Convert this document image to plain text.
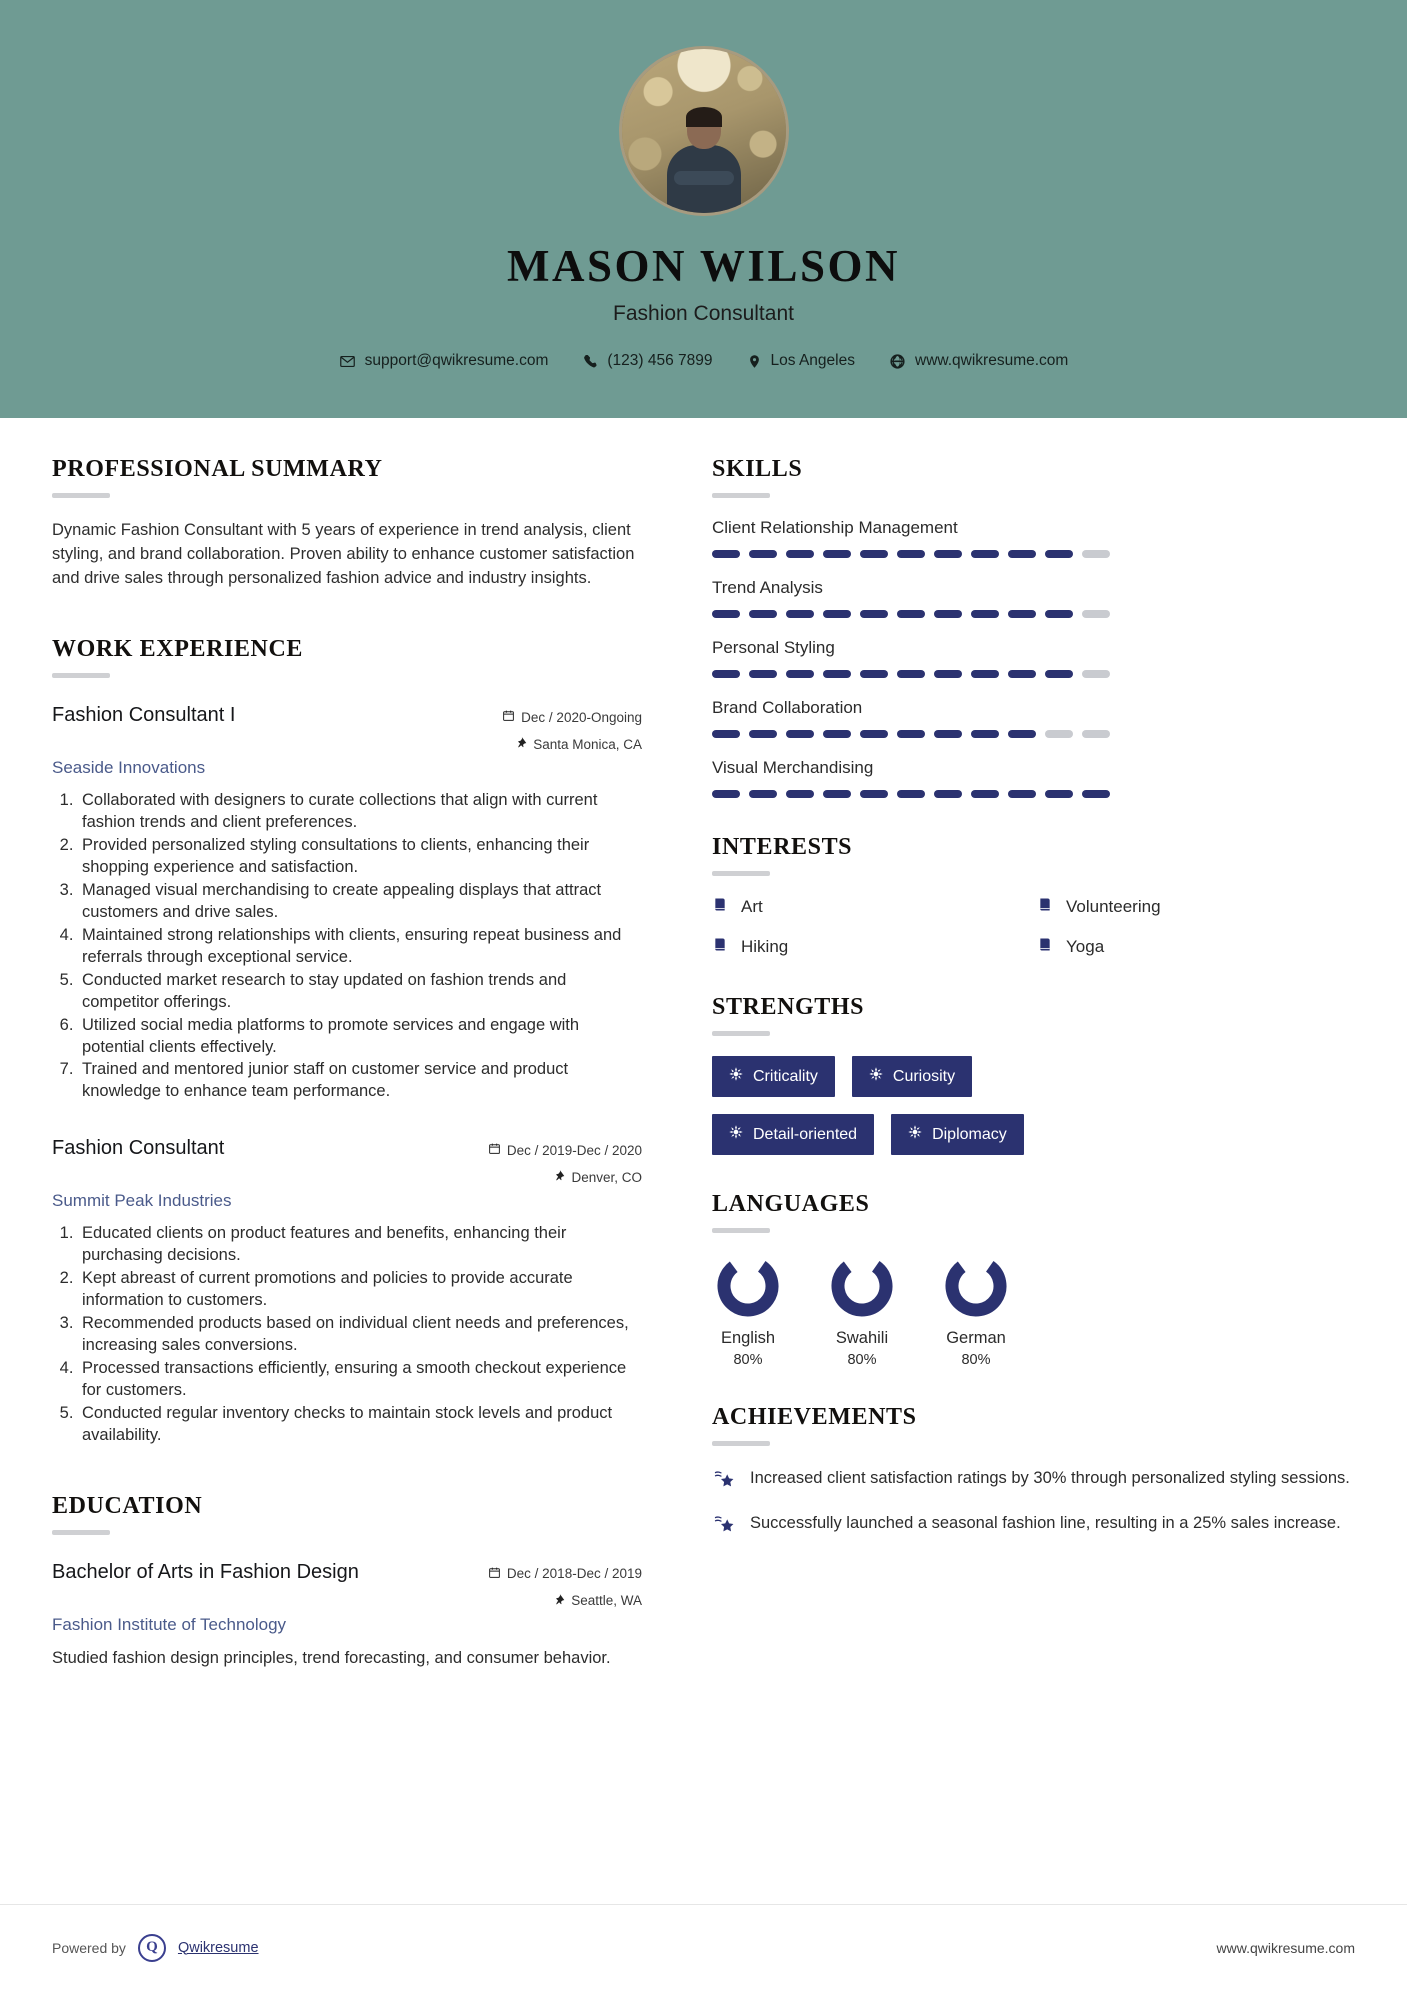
MASON WILSON
Fashion Consultant
support@qwikresume.com	(123) 456 7899	Los Angeles	www.qwikresume.com
PROFESSIONAL SUMMARY
Dynamic Fashion Consultant with 5 years of experience in trend analysis, client styling, and brand collaboration. Proven ability to enhance customer satisfaction and drive sales through personalized fashion advice and industry insights.
WORK EXPERIENCE
Fashion Consultant I	Dec / 2020-Ongoing
Santa Monica, CA
Seaside Innovations
1. Collaborated with designers to curate collections that align with current fashion trends and client preferences.
2. Provided personalized styling consultations to clients, enhancing their shopping experience and satisfaction.
3. Managed visual merchandising to create appealing displays that attract customers and drive sales.
4. Maintained strong relationships with clients, ensuring repeat business and referrals through exceptional service.
5. Conducted market research to stay updated on fashion trends and competitor offerings.
6. Utilized social media platforms to promote services and engage with potential clients effectively.
7. Trained and mentored junior staff on customer service and product knowledge to enhance team performance.
Fashion Consultant	Dec / 2019-Dec / 2020
Denver, CO
Summit Peak Industries
1. Educated clients on product features and benefits, enhancing their purchasing decisions.
2. Kept abreast of current promotions and policies to provide accurate information to customers.
3. Recommended products based on individual client needs and preferences, increasing sales conversions.
4. Processed transactions efficiently, ensuring a smooth checkout experience for customers.
5. Conducted regular inventory checks to maintain stock levels and product availability.
EDUCATION
Bachelor of Arts in Fashion Design	Dec / 2018-Dec / 2019
Seattle, WA
Fashion Institute of Technology
Studied fashion design principles, trend forecasting, and consumer behavior.
SKILLS
Client Relationship Management
Trend Analysis
Personal Styling
Brand Collaboration
Visual Merchandising
INTERESTS
Art	Volunteering
Hiking	Yoga
STRENGTHS
Criticality	Curiosity
Detail-oriented	Diplomacy
LANGUAGES
English
80%
Swahili
80%
German
80%
ACHIEVEMENTS
Increased client satisfaction ratings by 30% through personalized styling sessions.
Successfully launched a seasonal fashion line, resulting in a 25% sales increase.
Powered by	Q	Qwikresume	www.qwikresume.com
